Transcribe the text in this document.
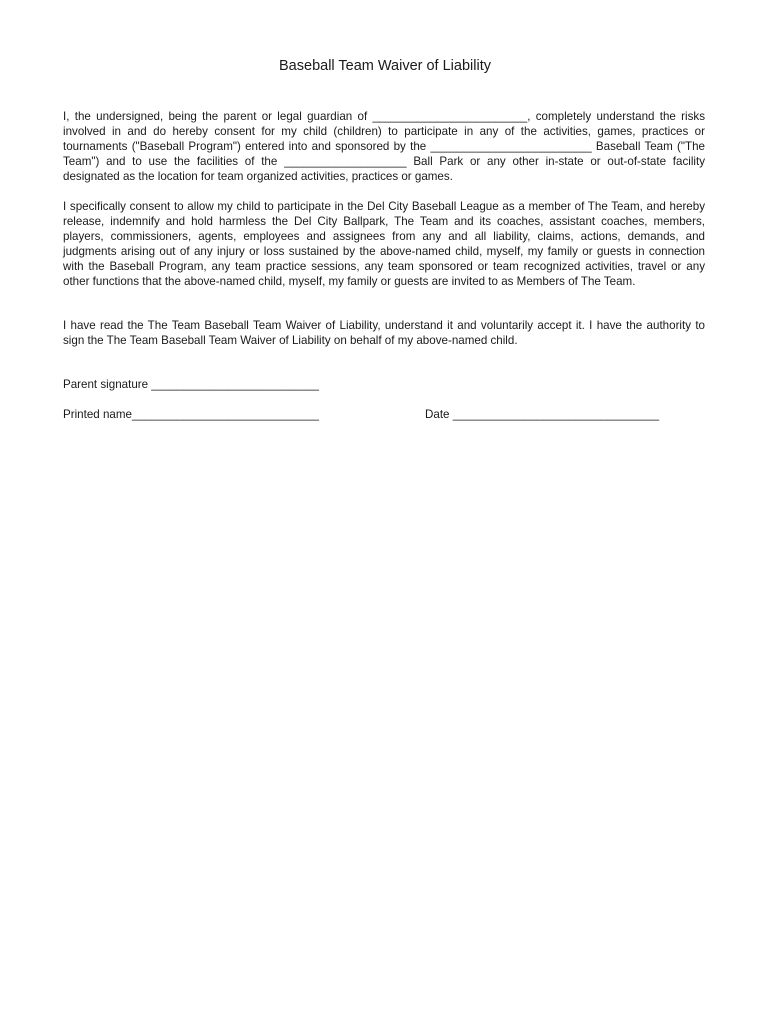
Baseball Team Waiver of Liability

I, the undersigned, being the parent or legal guardian of ________________________, completely understand the risks involved in and do hereby consent for my child (children) to participate in any of the activities, games, practices or tournaments ("Baseball Program") entered into and sponsored by the _________________________ Baseball Team ("The Team") and to use the facilities of the ___________________ Ball Park or any other in-state or out-of-state facility designated as the location for team organized activities, practices or games.

I specifically consent to allow my child to participate in the Del City Baseball League as a member of The Team, and hereby release, indemnify and hold harmless the Del City Ballpark, The Team and its coaches, assistant coaches, members, players, commissioners, agents, employees and assignees from any and all liability, claims, actions, demands, and judgments arising out of any injury or loss sustained by the above-named child, myself, my family or guests in connection with the Baseball Program, any team practice sessions, any team sponsored or team recognized activities, travel or any other functions that the above-named child, myself, my family or guests are invited to as Members of The Team.

I have read the The Team Baseball Team Waiver of Liability, understand it and voluntarily accept it. I have the authority to sign the The Team Baseball Team Waiver of Liability on behalf of my above-named child.

Parent signature __________________________
Printed name_____________________________	Date ________________________________
